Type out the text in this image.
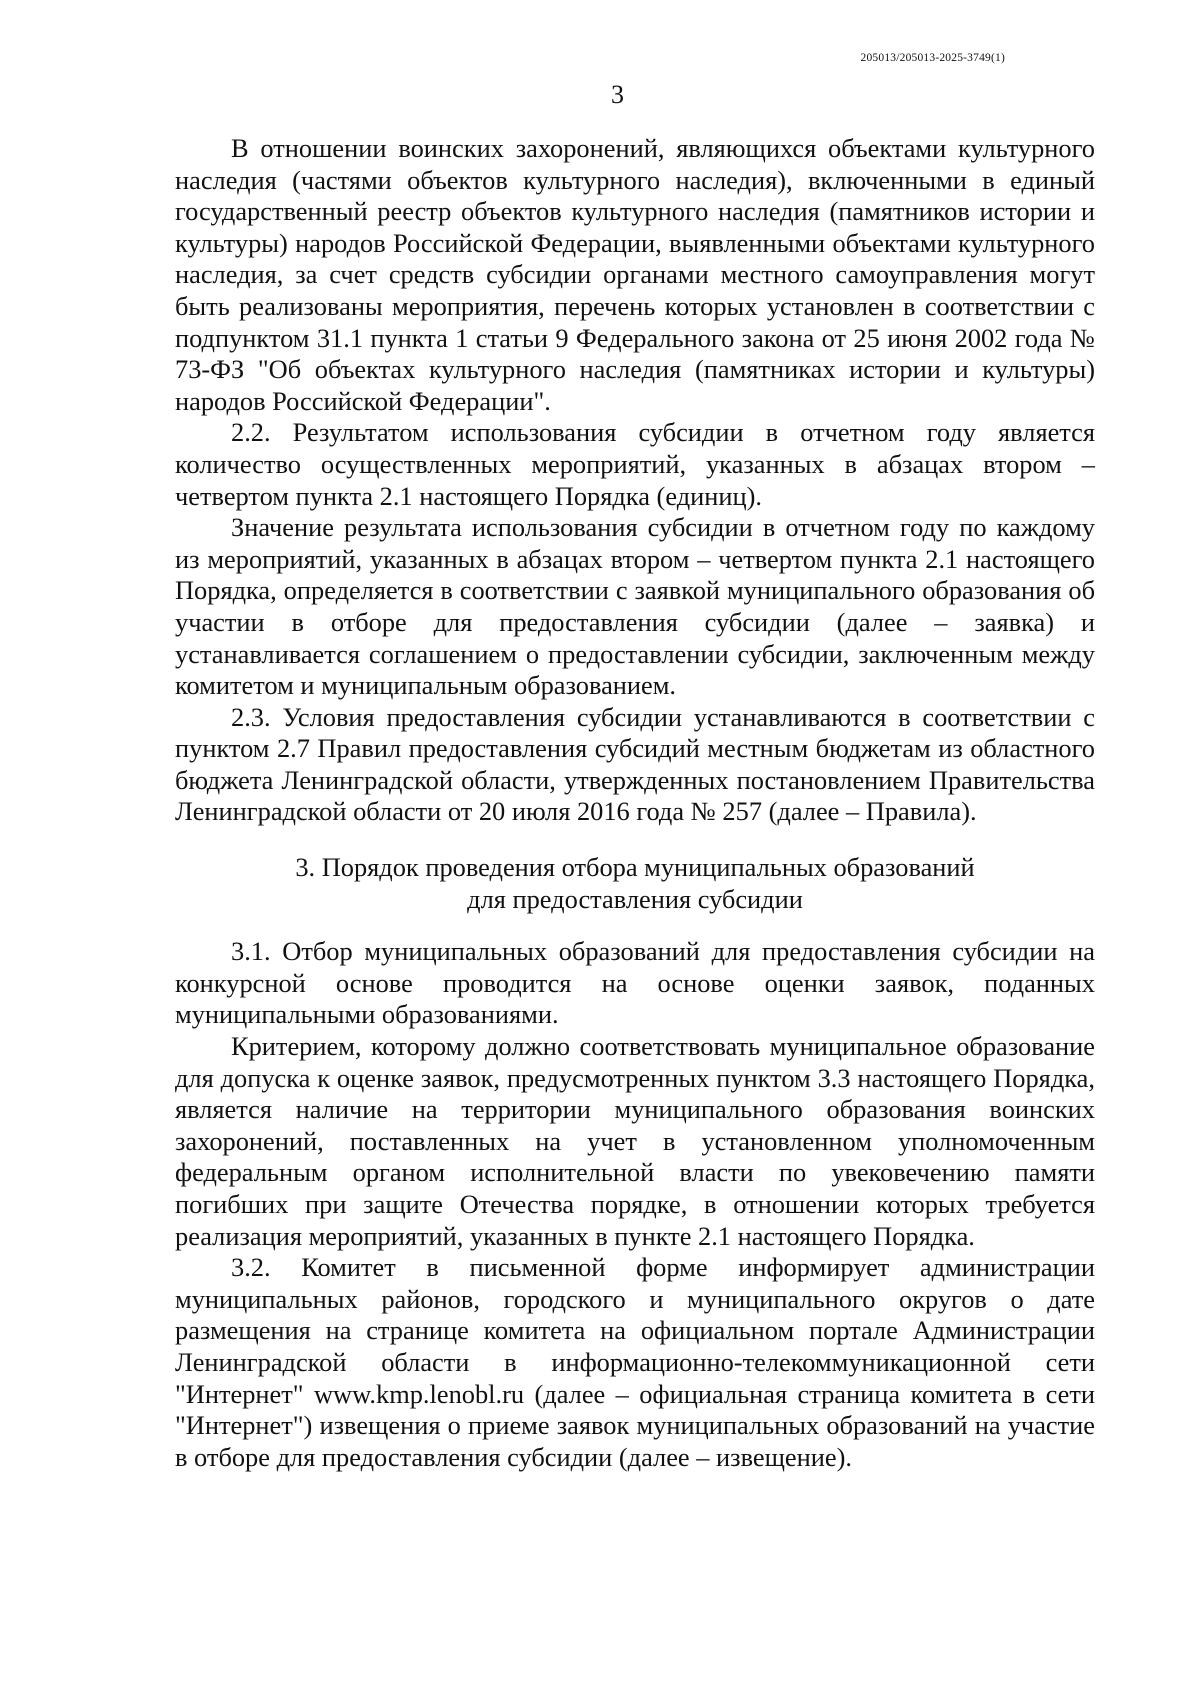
205013/205013-2025-3749(1)
3

В отношении воинских захоронений, являющихся объектами культурного наследия (частями объектов культурного наследия), включенными в единый государственный реестр объектов культурного наследия (памятников истории и культуры) народов Российской Федерации, выявленными объектами культурного наследия, за счет средств субсидии органами местного самоуправления могут быть реализованы мероприятия, перечень которых установлен в соответствии с подпунктом 31.1 пункта 1 статьи 9 Федерального закона от 25 июня 2002 года № 73-ФЗ "Об объектах культурного наследия (памятниках истории и культуры) народов Российской Федерации".

2.2. Результатом использования субсидии в отчетном году является количество осуществленных мероприятий, указанных в абзацах втором – четвертом пункта 2.1 настоящего Порядка (единиц).

Значение результата использования субсидии в отчетном году по каждому из мероприятий, указанных в абзацах втором – четвертом пункта 2.1 настоящего Порядка, определяется в соответствии с заявкой муниципального образования об участии в отборе для предоставления субсидии (далее – заявка) и устанавливается соглашением о предоставлении субсидии, заключенным между комитетом и муниципальным образованием.

2.3. Условия предоставления субсидии устанавливаются в соответствии с пунктом 2.7 Правил предоставления субсидий местным бюджетам из областного бюджета Ленинградской области, утвержденных постановлением Правительства Ленинградской области от 20 июля 2016 года № 257 (далее – Правила).

3. Порядок проведения отбора муниципальных образований
для предоставления субсидии

3.1. Отбор муниципальных образований для предоставления субсидии на конкурсной основе проводится на основе оценки заявок, поданных муниципальными образованиями.

Критерием, которому должно соответствовать муниципальное образование для допуска к оценке заявок, предусмотренных пунктом 3.3 настоящего Порядка, является наличие на территории муниципального образования воинских захоронений, поставленных на учет в установленном уполномоченным федеральным органом исполнительной власти по увековечению памяти погибших при защите Отечества порядке, в отношении которых требуется реализация мероприятий, указанных в пункте 2.1 настоящего Порядка.

3.2. Комитет в письменной форме информирует администрации муниципальных районов, городского и муниципального округов о дате размещения на странице комитета на официальном портале Администрации Ленинградской области в информационно-телекоммуникационной сети "Интернет" www.kmp.lenobl.ru (далее – официальная страница комитета в сети "Интернет") извещения о приеме заявок муниципальных образований на участие в отборе для предоставления субсидии (далее – извещение).
